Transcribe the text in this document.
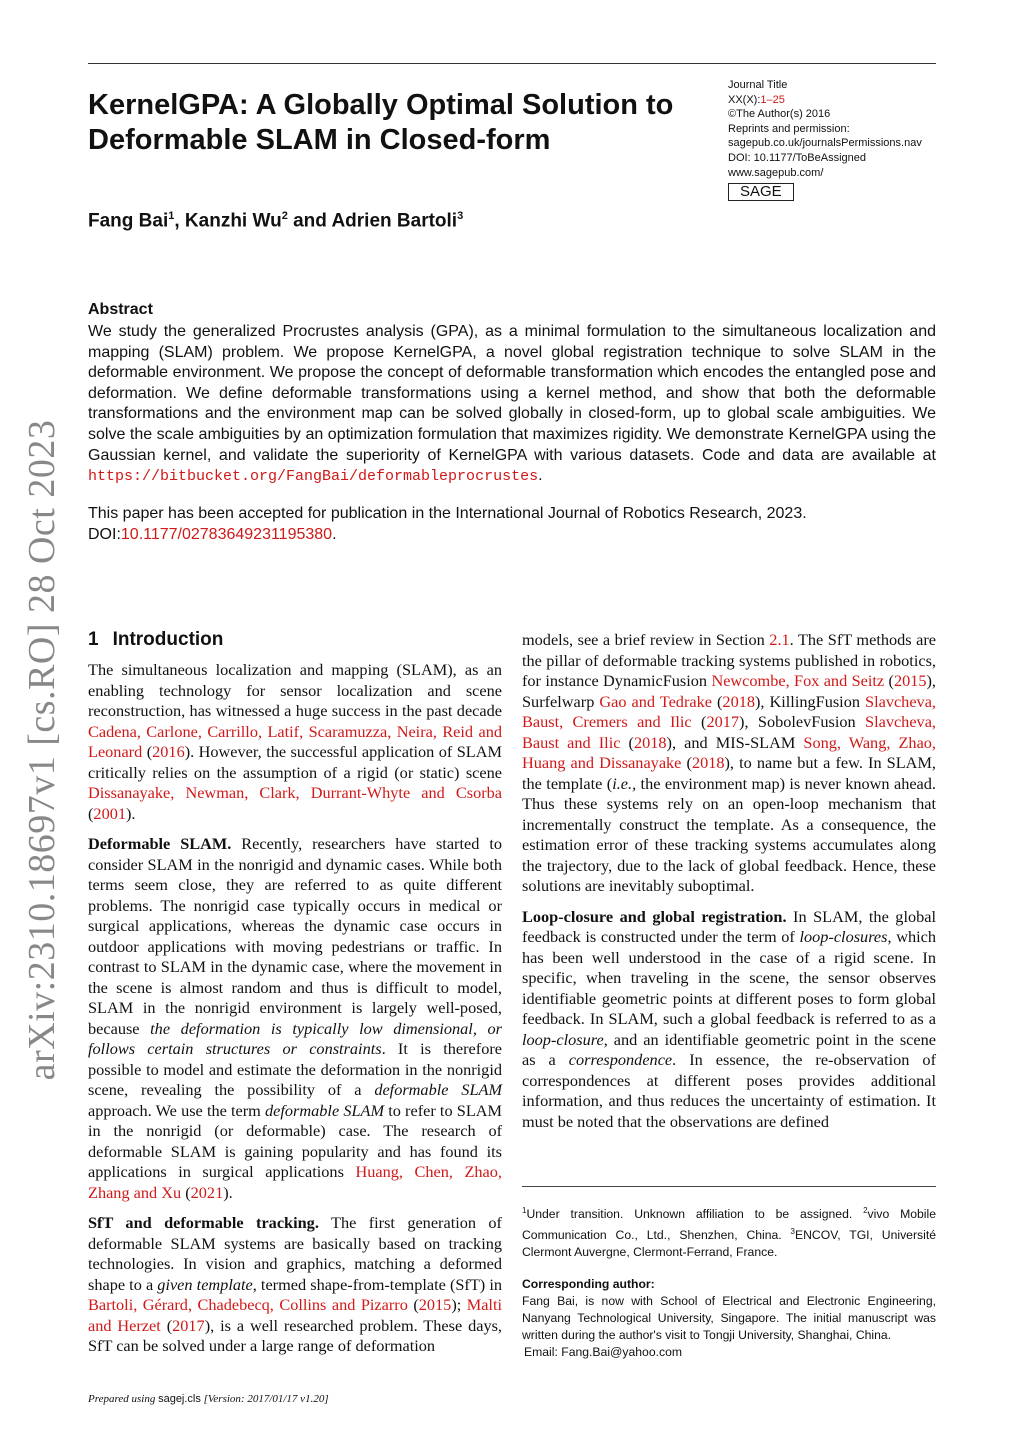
KernelGPA: A Globally Optimal Solution to Deformable SLAM in Closed-form
Fang Bai$^1$, Kanzhi Wu$^2$ and Adrien Bartoli$^3$
Journal Title
XX(X):1–25
©The Author(s) 2016
Reprints and permission:
sagepub.co.uk/journalsPermissions.nav
DOI: 10.1177/ToBeAssigned
www.sagepub.com/
SAGE
arXiv:2310.18697v1 [cs.RO] 28 Oct 2023
Abstract
We study the generalized Procrustes analysis (GPA), as a minimal formulation to the simultaneous localization and mapping (SLAM) problem. We propose KernelGPA, a novel global registration technique to solve SLAM in the deformable environment. We propose the concept of deformable transformation which encodes the entangled pose and deformation. We define deformable transformations using a kernel method, and show that both the deformable transformations and the environment map can be solved globally in closed-form, up to global scale ambiguities. We solve the scale ambiguities by an optimization formulation that maximizes rigidity. We demonstrate KernelGPA using the Gaussian kernel, and validate the superiority of KernelGPA with various datasets. Code and data are available at https://bitbucket.org/FangBai/deformableprocrustes.
This paper has been accepted for publication in the International Journal of Robotics Research, 2023.
DOI:10.1177/02783649231195380.
1 Introduction

The simultaneous localization and mapping (SLAM), as an enabling technology for sensor localization and scene reconstruction, has witnessed a huge success in the past decade Cadena, Carlone, Carrillo, Latif, Scaramuzza, Neira, Reid and Leonard (2016). However, the successful application of SLAM critically relies on the assumption of a rigid (or static) scene Dissanayake, Newman, Clark, Durrant-Whyte and Csorba (2001).

Deformable SLAM. Recently, researchers have started to consider SLAM in the nonrigid and dynamic cases. While both terms seem close, they are referred to as quite different problems. The nonrigid case typically occurs in medical or surgical applications, whereas the dynamic case occurs in outdoor applications with moving pedestrians or traffic. In contrast to SLAM in the dynamic case, where the movement in the scene is almost random and thus is difficult to model, SLAM in the nonrigid environment is largely well-posed, because the deformation is typically low dimensional, or follows certain structures or constraints. It is therefore possible to model and estimate the deformation in the nonrigid scene, revealing the possibility of a deformable SLAM approach. We use the term deformable SLAM to refer to SLAM in the nonrigid (or deformable) case. The research of deformable SLAM is gaining popularity and has found its applications in surgical applications Huang, Chen, Zhao, Zhang and Xu (2021).

SfT and deformable tracking. The first generation of deformable SLAM systems are basically based on tracking technologies. In vision and graphics, matching a deformed shape to a given template, termed shape-from-template (SfT) in Bartoli, Gérard, Chadebecq, Collins and Pizarro (2015); Malti and Herzet (2017), is a well researched problem. These days, SfT can be solved under a large range of deformation

models, see a brief review in Section 2.1. The SfT methods are the pillar of deformable tracking systems published in robotics, for instance DynamicFusion Newcombe, Fox and Seitz (2015), Surfelwarp Gao and Tedrake (2018), KillingFusion Slavcheva, Baust, Cremers and Ilic (2017), SobolevFusion Slavcheva, Baust and Ilic (2018), and MIS-SLAM Song, Wang, Zhao, Huang and Dissanayake (2018), to name but a few. In SLAM, the template (i.e., the environment map) is never known ahead. Thus these systems rely on an open-loop mechanism that incrementally construct the template. As a consequence, the estimation error of these tracking systems accumulates along the trajectory, due to the lack of global feedback. Hence, these solutions are inevitably suboptimal.

Loop-closure and global registration. In SLAM, the global feedback is constructed under the term of loop-closures, which has been well understood in the case of a rigid scene. In specific, when traveling in the scene, the sensor observes identifiable geometric points at different poses to form global feedback. In SLAM, such a global feedback is referred to as a loop-closure, and an identifiable geometric point in the scene as a correspondence. In essence, the re-observation of correspondences at different poses provides additional information, and thus reduces the uncertainty of estimation. It must be noted that the observations are defined

$^1$Under transition. Unknown affiliation to be assigned. $^2$vivo Mobile Communication Co., Ltd., Shenzhen, China. $^3$ENCOV, TGI, Université Clermont Auvergne, Clermont-Ferrand, France.
Corresponding author:
Fang Bai, is now with School of Electrical and Electronic Engineering, Nanyang Technological University, Singapore. The initial manuscript was written during the author's visit to Tongji University, Shanghai, China.
Email: Fang.Bai@yahoo.com
Prepared using sagej.cls [Version: 2017/01/17 v1.20]
